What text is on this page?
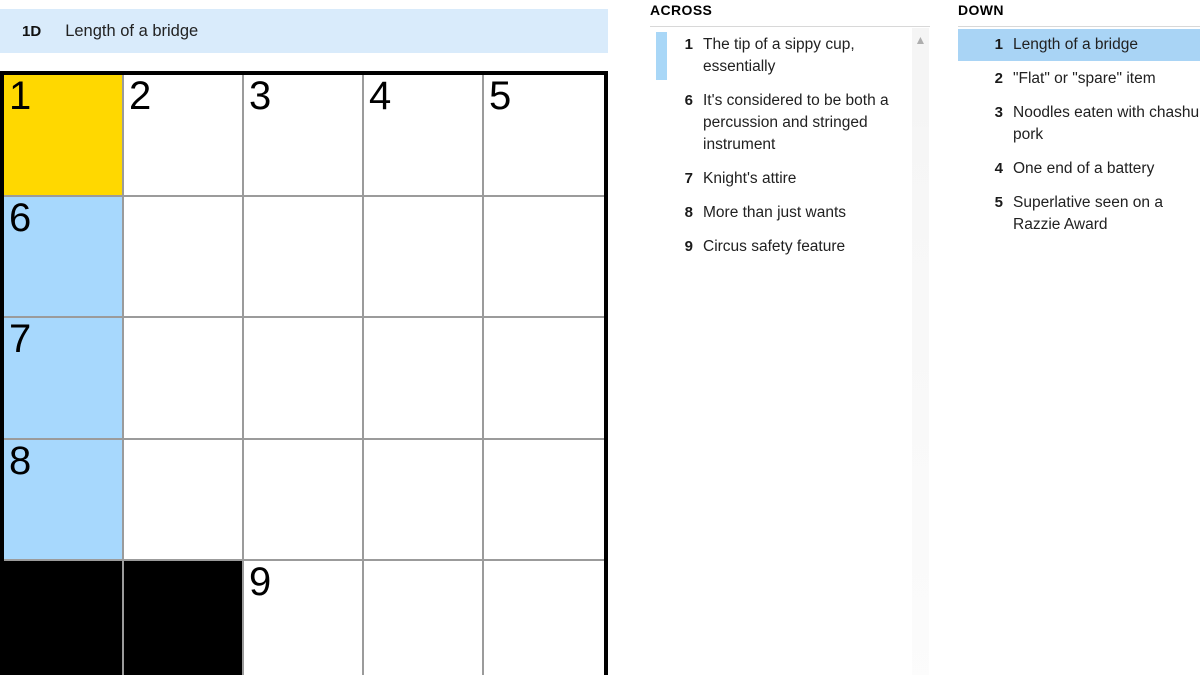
1D Length of a bridge
1 2 3 4 5
6
7
8
9
ACROSS
1 The tip of a sippy cup, essentially
6 It's considered to be both a percussion and stringed instrument
7 Knight's attire
8 More than just wants
9 Circus safety feature
▲
DOWN
1 Length of a bridge
2 "Flat" or "spare" item
3 Noodles eaten with chashu pork
4 One end of a battery
5 Superlative seen on a Razzie Award
